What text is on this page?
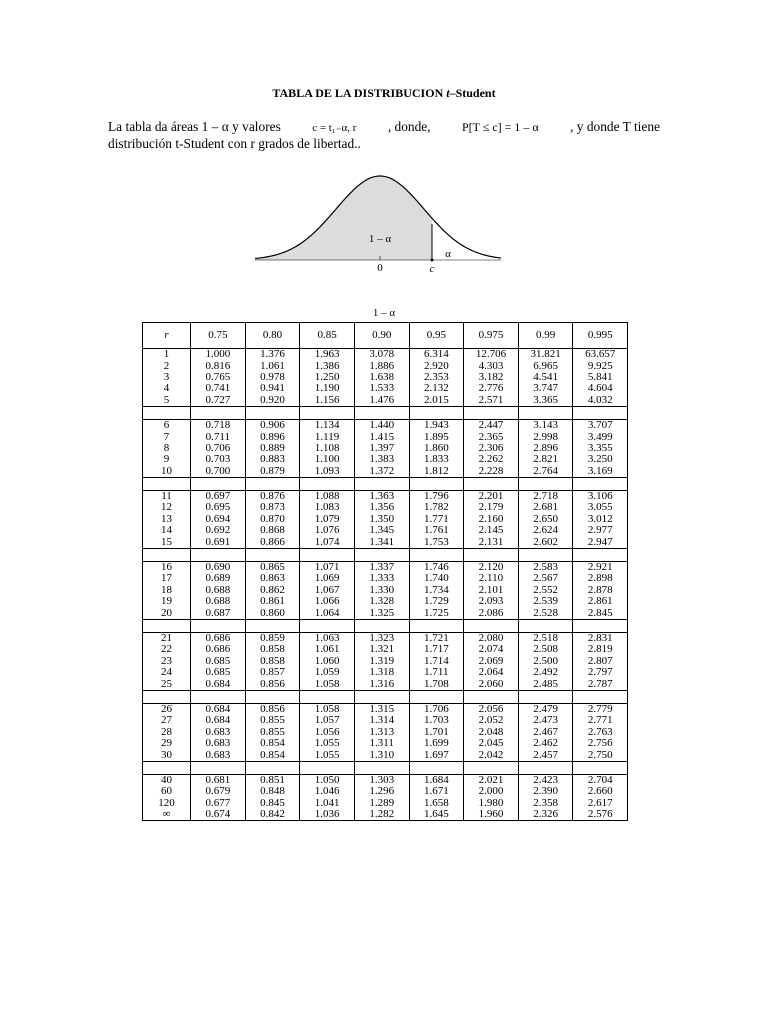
TABLA DE LA DISTRIBUCION t–Student
La tabla da áreas 1 – α y valores	c = t₁₋α, r , donde,	P[T ≤ c] = 1 – α , y donde T tiene
distribución t-Student con r grados de libertad..
1 – α
α
0	c
1 – α
r	0.75	0.80	0.85	0.90	0.95	0.975	0.99	0.995
1	1.000	1.376	1.963	3.078	6.314	12.706	31.821	63.657
2	0.816	1.061	1.386	1.886	2.920	4.303	6.965	9.925
3	0.765	0.978	1.250	1.638	2.353	3.182	4.541	5.841
4	0.741	0.941	1.190	1.533	2.132	2.776	3.747	4.604
5	0.727	0.920	1.156	1.476	2.015	2.571	3.365	4.032

6	0.718	0.906	1.134	1.440	1.943	2.447	3.143	3.707
7	0.711	0.896	1.119	1.415	1.895	2.365	2.998	3.499
8	0.706	0.889	1.108	1.397	1.860	2.306	2.896	3.355
9	0.703	0.883	1.100	1.383	1.833	2.262	2.821	3.250
10	0.700	0.879	1.093	1.372	1.812	2.228	2.764	3.169

11	0.697	0.876	1.088	1.363	1.796	2.201	2.718	3.106
12	0.695	0.873	1.083	1.356	1.782	2.179	2.681	3.055
13	0.694	0.870	1.079	1.350	1.771	2.160	2.650	3.012
14	0.692	0.868	1.076	1.345	1.761	2.145	2.624	2.977
15	0.691	0.866	1.074	1.341	1.753	2.131	2.602	2.947

16	0.690	0.865	1.071	1.337	1.746	2.120	2.583	2.921
17	0.689	0.863	1.069	1.333	1.740	2.110	2.567	2.898
18	0.688	0.862	1.067	1.330	1.734	2.101	2.552	2.878
19	0.688	0.861	1.066	1.328	1.729	2.093	2.539	2.861
20	0.687	0.860	1.064	1.325	1.725	2.086	2.528	2.845

21	0.686	0.859	1.063	1.323	1.721	2.080	2.518	2.831
22	0.686	0.858	1.061	1.321	1.717	2.074	2.508	2.819
23	0.685	0.858	1.060	1.319	1.714	2.069	2.500	2.807
24	0.685	0.857	1.059	1.318	1.711	2.064	2.492	2.797
25	0.684	0.856	1.058	1.316	1.708	2.060	2.485	2.787

26	0.684	0.856	1.058	1.315	1.706	2.056	2.479	2.779
27	0.684	0.855	1.057	1.314	1.703	2.052	2.473	2.771
28	0.683	0.855	1.056	1.313	1.701	2.048	2.467	2.763
29	0.683	0.854	1.055	1.311	1.699	2.045	2.462	2.756
30	0.683	0.854	1.055	1.310	1.697	2.042	2.457	2.750

40	0.681	0.851	1.050	1.303	1.684	2.021	2.423	2.704
60	0.679	0.848	1.046	1.296	1.671	2.000	2.390	2.660
120	0.677	0.845	1.041	1.289	1.658	1.980	2.358	2.617
∞	0.674	0.842	1.036	1.282	1.645	1.960	2.326	2.576
